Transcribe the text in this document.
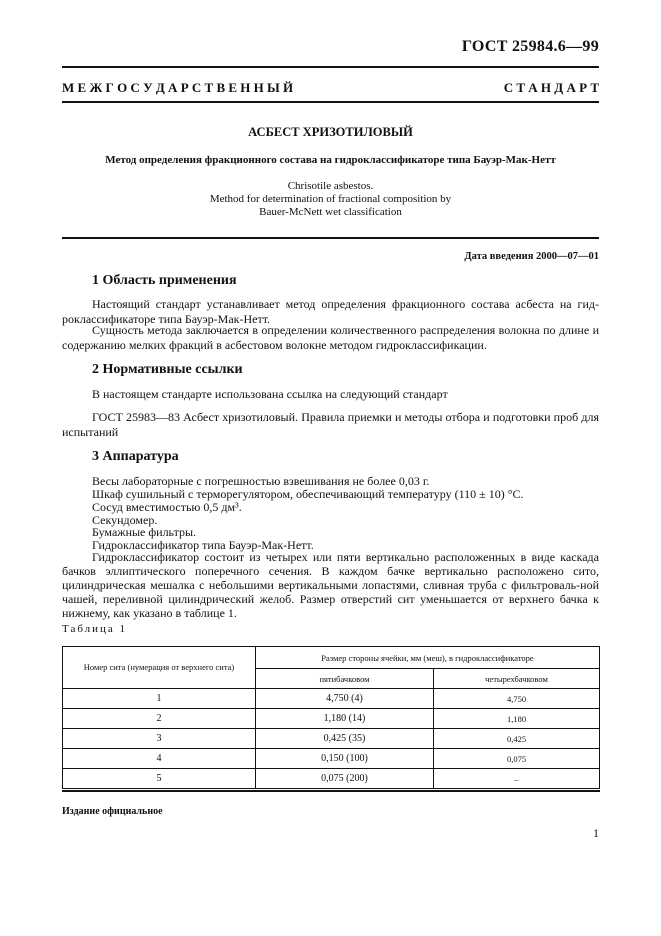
ГОСТ 25984.6—99
М Е Ж Г О С У Д А Р С Т В Е Н Н Ы Й	С Т А Н Д А Р Т
АСБЕСТ ХРИЗОТИЛОВЫЙ
Метод определения фракционного состава на гидроклассификаторе типа Бауэр-Мак-Нетт
Chrisotile asbestos.
Method for determination of fractional composition by
Bauer-McNett wet classification
Дата введения 2000—07—01
1 Область применения
Настоящий стандарт устанавливает метод определения фракционного состава асбеста на гид-роклассификаторе типа Бауэр-Мак-Нетт.
Сущность метода заключается в определении количественного распределения волокна по длине и содержанию мелких фракций в асбестовом волокне методом гидроклассификации.
2 Нормативные ссылки
В настоящем стандарте использована ссылка на следующий стандарт
ГОСТ 25983—83 Асбест хризотиловый. Правила приемки и методы отбора и подготовки проб для испытаний
3 Аппаратура
Весы лабораторные с погрешностью взвешивания не более 0,03 г.
Шкаф сушильный с терморегулятором, обеспечивающий температуру (110 ± 10) °С.
Сосуд вместимостью 0,5 дм³.
Секундомер.
Бумажные фильтры.
Гидроклассификатор типа Бауэр-Мак-Нетт.
Гидроклассификатор состоит из четырех или пяти вертикально расположенных в виде каскада бачков эллиптического поперечного сечения. В каждом бачке вертикально расположено сито, цилиндрическая мешалка с небольшими вертикальными лопастями, сливная труба с фильтроваль-ной чашей, переливной цилиндрический желоб. Размер отверстий сит уменьшается от верхнего бачка к нижнему, как указано в таблице 1.
Таблица 1
Номер сита (нумерация от верхнего сита)	Размер стороны ячейки, мм (меш), в гидроклассификаторе	
	пятибачковом	четырехбачковом
1	4,750 (4)	4,750
2	1,180 (14)	1,180
3	0,425 (35)	0,425
4	0,150 (100)	0,075
5	0,075 (200)	–
Издание официальное
1
